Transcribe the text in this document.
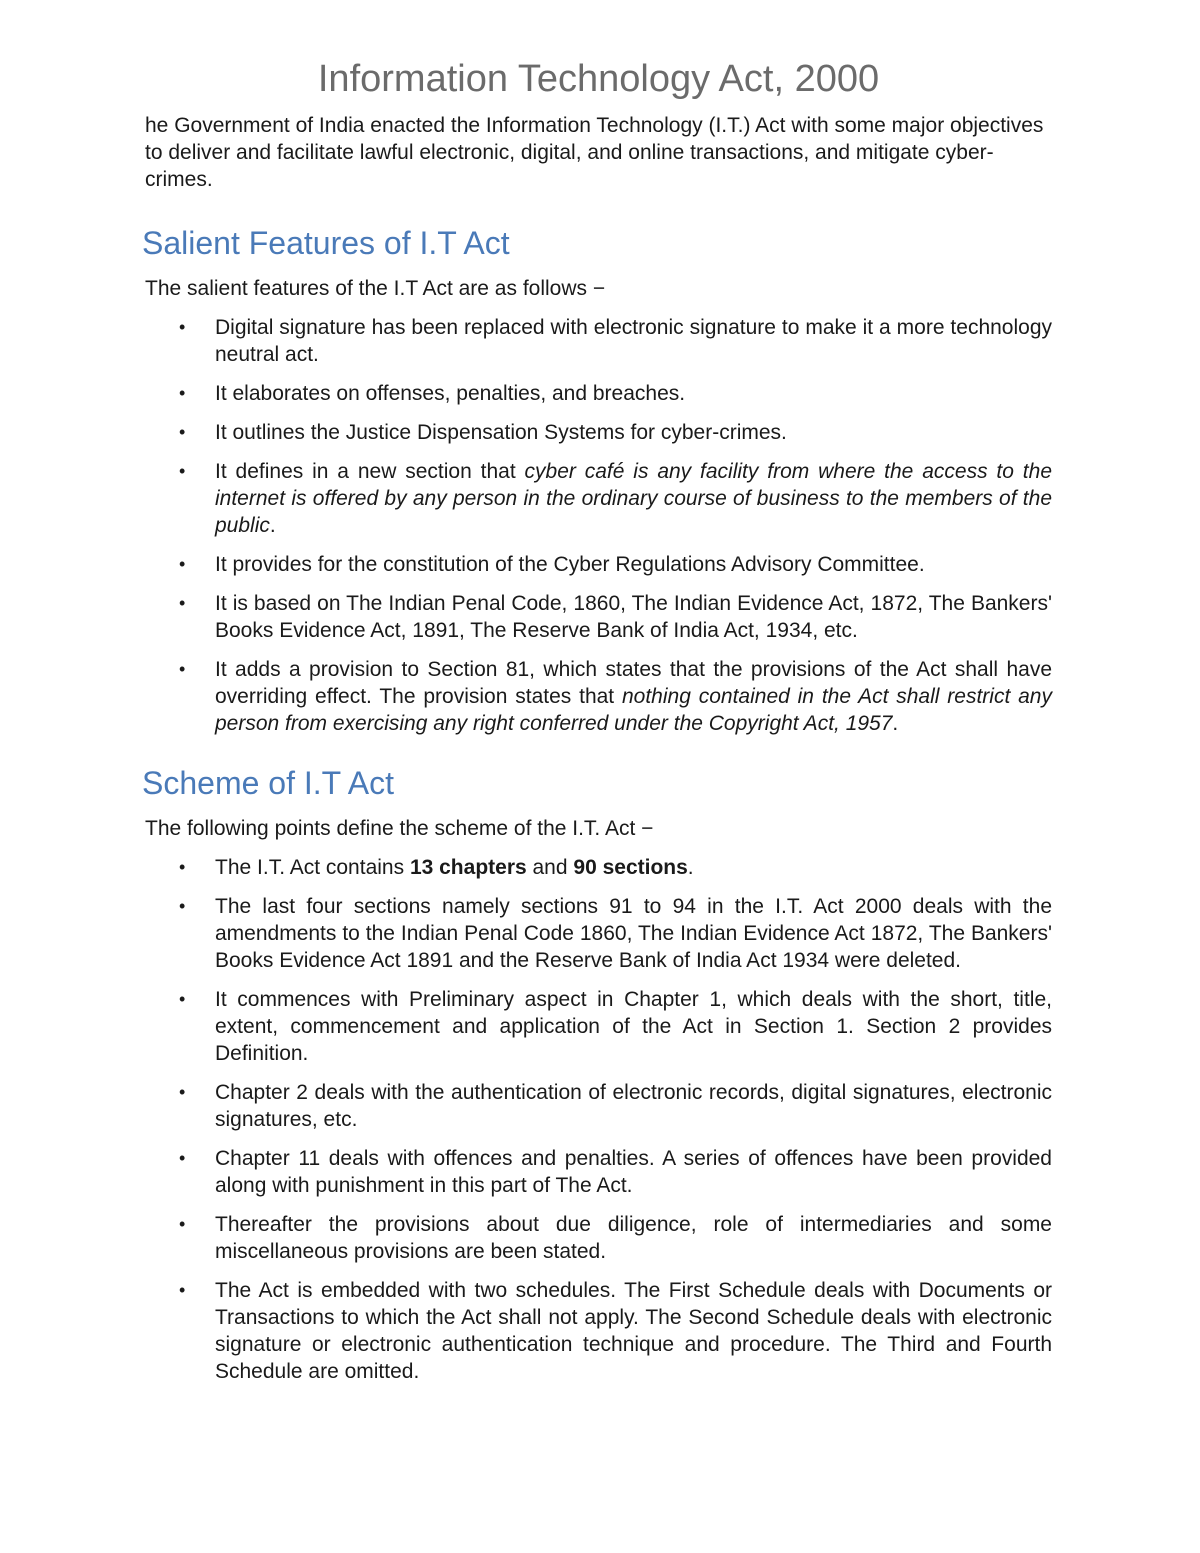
Information Technology Act, 2000

he Government of India enacted the Information Technology (I.T.) Act with some major objectives to deliver and facilitate lawful electronic, digital, and online transactions, and mitigate cyber-crimes.

Salient Features of I.T Act

The salient features of the I.T Act are as follows −

• Digital signature has been replaced with electronic signature to make it a more technology neutral act.
• It elaborates on offenses, penalties, and breaches.
• It outlines the Justice Dispensation Systems for cyber-crimes.
• It defines in a new section that cyber café is any facility from where the access to the internet is offered by any person in the ordinary course of business to the members of the public.
• It provides for the constitution of the Cyber Regulations Advisory Committee.
• It is based on The Indian Penal Code, 1860, The Indian Evidence Act, 1872, The Bankers' Books Evidence Act, 1891, The Reserve Bank of India Act, 1934, etc.
• It adds a provision to Section 81, which states that the provisions of the Act shall have overriding effect. The provision states that nothing contained in the Act shall restrict any person from exercising any right conferred under the Copyright Act, 1957.
Scheme of I.T Act

The following points define the scheme of the I.T. Act −

• The I.T. Act contains 13 chapters and 90 sections.
• The last four sections namely sections 91 to 94 in the I.T. Act 2000 deals with the amendments to the Indian Penal Code 1860, The Indian Evidence Act 1872, The Bankers' Books Evidence Act 1891 and the Reserve Bank of India Act 1934 were deleted.
• It commences with Preliminary aspect in Chapter 1, which deals with the short, title, extent, commencement and application of the Act in Section 1. Section 2 provides Definition.
• Chapter 2 deals with the authentication of electronic records, digital signatures, electronic signatures, etc.
• Chapter 11 deals with offences and penalties. A series of offences have been provided along with punishment in this part of The Act.
• Thereafter the provisions about due diligence, role of intermediaries and some miscellaneous provisions are been stated.
• The Act is embedded with two schedules. The First Schedule deals with Documents or Transactions to which the Act shall not apply. The Second Schedule deals with electronic signature or electronic authentication technique and procedure. The Third and Fourth Schedule are omitted.
